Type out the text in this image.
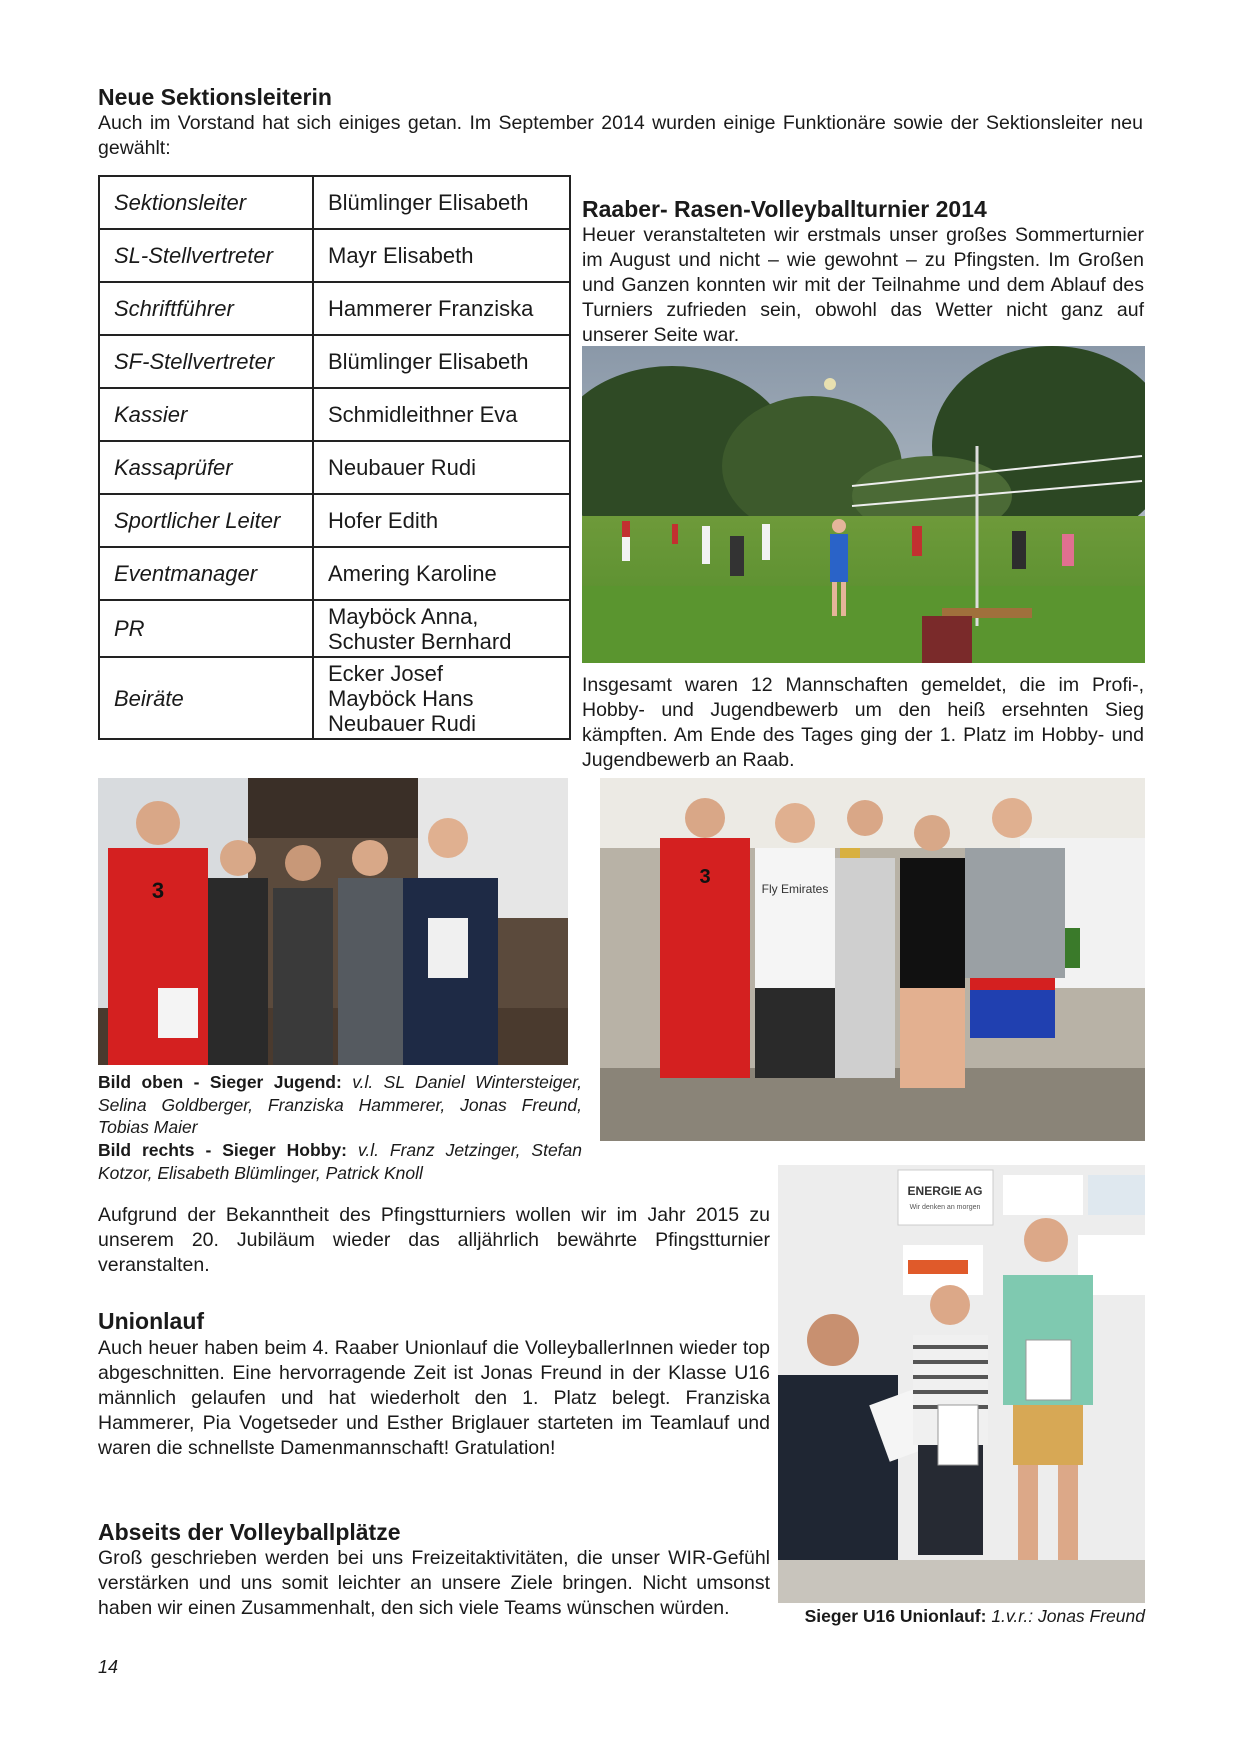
Neue Sektionsleiterin

Auch im Vorstand hat sich einiges getan. Im September 2014 wurden einige Funktionäre sowie der Sektionsleiter neu gewählt:

Sektionsleiter	Blümlinger Elisabeth

SL-Stellvertreter	Mayr Elisabeth

Schriftführer	Hammerer Franziska

SF-Stellvertreter	Blümlinger Elisabeth

Kassier	Schmidleithner Eva

Kassaprüfer	Neubauer Rudi

Sportlicher Leiter	Hofer Edith

Eventmanager	Amering Karoline

PR	Mayböck Anna,
Schuster Bernhard

Beiräte	Ecker Josef
Mayböck Hans
Neubauer Rudi
Raaber- Rasen-Volleyballturnier 2014

Heuer veranstalteten wir erstmals unser großes Sommerturnier im August und nicht – wie gewohnt – zu Pfingsten. Im Großen und Ganzen konnten wir mit der Teilnahme und dem Ablauf des Turniers zufrieden sein, obwohl das Wetter nicht ganz auf unserer Seite war.

Insgesamt waren 12 Mannschaften gemeldet, die im Profi-, Hobby- und Jugendbewerb um den heiß ersehnten Sieg kämpften. Am Ende des Tages ging der 1. Platz im Hobby- und Jugendbewerb an Raab.

3
3
Fly Emirates

Bild oben - Sieger Jugend: v.l. SL Daniel Wintersteiger, Selina Goldberger, Franziska Hammerer, Jonas Freund, Tobias Maier

Bild rechts - Sieger Hobby: v.l. Franz Jetzinger, Stefan Kotzor, Elisabeth Blümlinger, Patrick Knoll

Aufgrund der Bekanntheit des Pfingstturniers wollen wir im Jahr 2015 zu unserem 20. Jubiläum wieder das alljährlich bewährte Pfingstturnier veranstalten.

Unionlauf

Auch heuer haben beim 4. Raaber Unionlauf die VolleyballerInnen wieder top abgeschnitten. Eine hervorragende Zeit ist Jonas Freund in der Klasse U16 männlich gelaufen und hat wiederholt den 1. Platz belegt. Franziska Hammerer, Pia Vogetseder und Esther Briglauer starteten im Teamlauf und waren die schnellste Damenmannschaft! Gratulation!

ENERGIE AG
Wir denken an morgen
Abseits der Volleyballplätze

Groß geschrieben werden bei uns Freizeitaktivitäten, die unser WIR-Gefühl verstärken und uns somit leichter an unsere Ziele bringen. Nicht umsonst haben wir einen Zusammenhalt, den sich viele Teams wünschen würden.	Sieger U16 Unionlauf: 1.v.r.: Jonas Freund

14
